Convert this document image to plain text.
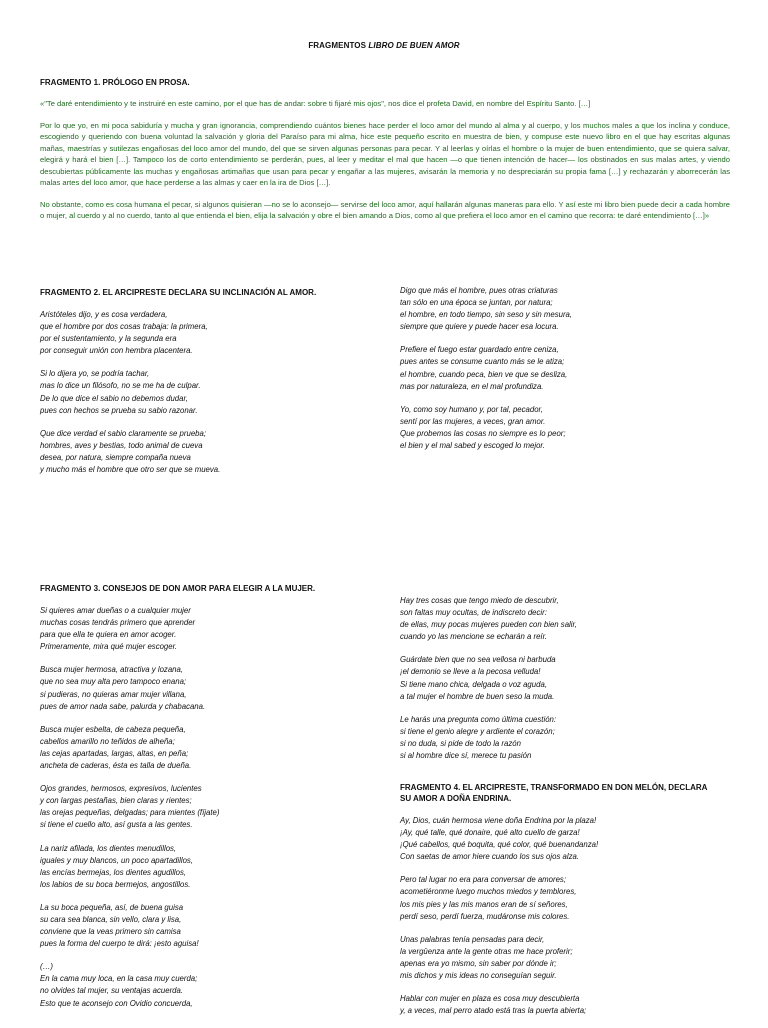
FRAGMENTOS LIBRO DE BUEN AMOR
FRAGMENTO 1. PRÓLOGO EN PROSA.

«"Te daré entendimiento y te instruiré en este camino, por el que has de andar: sobre ti fijaré mis ojos", nos dice el profeta David, en nombre del Espíritu Santo. […]

Por lo que yo, en mi poca sabiduría y mucha y gran ignorancia, comprendiendo cuántos bienes hace perder el loco amor del mundo al alma y al cuerpo, y los muchos males a que los inclina y conduce, escogiendo y queriendo con buena voluntad la salvación y gloria del Paraíso para mi alma, hice este pequeño escrito en muestra de bien, y compuse este nuevo libro en el que hay escritas algunas mañas, maestrías y sutilezas engañosas del loco amor del mundo, del que se sirven algunas personas para pecar. Y al leerlas y oírlas el hombre o la mujer de buen entendimiento, que se quiera salvar, elegirá y hará el bien […]. Tampoco los de corto entendimiento se perderán, pues, al leer y meditar el mal que hacen —o que tienen intención de hacer— los obstinados en sus malas artes, y viendo descubiertas públicamente las muchas y engañosas artimañas que usan para pecar y engañar a las mujeres, avisarán la memoria y no despreciarán su propia fama […] y rechazarán y aborrecerán las malas artes del loco amor, que hace perderse a las almas y caer en la ira de Dios […].

No obstante, como es cosa humana el pecar, si algunos quisieran —no se lo aconsejo— servirse del loco amor, aquí hallarán algunas maneras para ello. Y así este mi libro bien puede decir a cada hombre o mujer, al cuerdo y al no cuerdo, tanto al que entienda el bien, elija la salvación y obre el bien amando a Dios, como al que prefiera el loco amor en el camino que recorra: te daré entendimiento […]»

FRAGMENTO 2. EL ARCIPRESTE DECLARA SU INCLINACIÓN AL AMOR.
Aristóteles dijo, y es cosa verdadera,
que el hombre por dos cosas trabaja: la primera,
por el sustentamiento, y la segunda era
por conseguir unión con hembra placentera.
Si lo dijera yo, se podría tachar,
mas lo dice un filósofo, no se me ha de culpar.
De lo que dice el sabio no debemos dudar,
pues con hechos se prueba su sabio razonar.
Que dice verdad el sabio claramente se prueba;
hombres, aves y bestias, todo animal de cueva
desea, por natura, siempre compaña nueva
y mucho más el hombre que otro ser que se mueva.
Digo que más el hombre, pues otras criaturas
tan sólo en una época se juntan, por natura;
el hombre, en todo tiempo, sin seso y sin mesura,
siempre que quiere y puede hacer esa locura.
Prefiere el fuego estar guardado entre ceniza,
pues antes se consume cuanto más se le atiza;
el hombre, cuando peca, bien ve que se desliza,
mas por naturaleza, en el mal profundiza.
Yo, como soy humano y, por tal, pecador,
sentí por las mujeres, a veces, gran amor.
Que probemos las cosas no siempre es lo peor;
el bien y el mal sabed y escoged lo mejor.
FRAGMENTO 3. CONSEJOS DE DON AMOR PARA ELEGIR A LA MUJER.
Si quieres amar dueñas o a cualquier mujer
muchas cosas tendrás primero que aprender
para que ella te quiera en amor acoger.
Primeramente, mira qué mujer escoger.
Busca mujer hermosa, atractiva y lozana,
que no sea muy alta pero tampoco enana;
si pudieras, no quieras amar mujer villana,
pues de amor nada sabe, palurda y chabacana.
Busca mujer esbelta, de cabeza pequeña,
cabellos amarillo no teñidos de alheña;
las cejas apartadas, largas, altas, en peña;
ancheta de caderas, ésta es talla de dueña.
Ojos grandes, hermosos, expresivos, lucientes
y con largas pestañas, bien claras y rientes;
las orejas pequeñas, delgadas; para mientes (fíjate)
si tiene el cuello alto, así gusta a las gentes.
La nariz afilada, los dientes menudillos,
iguales y muy blancos, un poco apartadillos,
las encías bermejas, los dientes agudillos,
los labios de su boca bermejos, angostillos.
La su boca pequeña, así, de buena guisa
su cara sea blanca, sin vello, clara y lisa,
conviene que la veas primero sin camisa
pues la forma del cuerpo te dirá: ¡esto aguisa!
(…)
En la cama muy loca, en la casa muy cuerda;
no olvides tal mujer, su ventajas acuerda.
Esto que te aconsejo con Ovidio concuerda,
Hay tres cosas que tengo miedo de descubrir,
son faltas muy ocultas, de indiscreto decir:
de ellas, muy pocas mujeres pueden con bien salir,
cuando yo las mencione se echarán a reír.
Guárdate bien que no sea vellosa ni barbuda
¡el demonio se lleve a la pecosa velluda!
Si tiene mano chica, delgada o voz aguda,
a tal mujer el hombre de buen seso la muda.
Le harás una pregunta como última cuestión:
si tiene el genio alegre y ardiente el corazón;
si no duda, si pide de todo la razón
si al hombre dice sí, merece tu pasión
FRAGMENTO 4. EL ARCIPRESTE, TRANSFORMADO EN DON MELÓN, DECLARA
SU AMOR A DOÑA ENDRINA.
Ay, Dios, cuán hermosa viene doña Endrina por la plaza!
¡Ay, qué talle, qué donaire, qué alto cuello de garza!
¡Qué cabellos, qué boquita, qué color, qué buenandanza!
Con saetas de amor hiere cuando los sus ojos alza.
Pero tal lugar no era para conversar de amores;
acometiéronme luego muchos miedos y temblores,
los mis pies y las mis manos eran de sí señores,
perdí seso, perdí fuerza, mudáronse mis colores.
Unas palabras tenía pensadas para decir,
la vergüenza ante la gente otras me hace proferir;
apenas era yo mismo, sin saber por dónde ir;
mis dichos y mis ideas no conseguían seguir.
Hablar con mujer en plaza es cosa muy descubierta
y, a veces, mal perro atado está tras la puerta abierta;
